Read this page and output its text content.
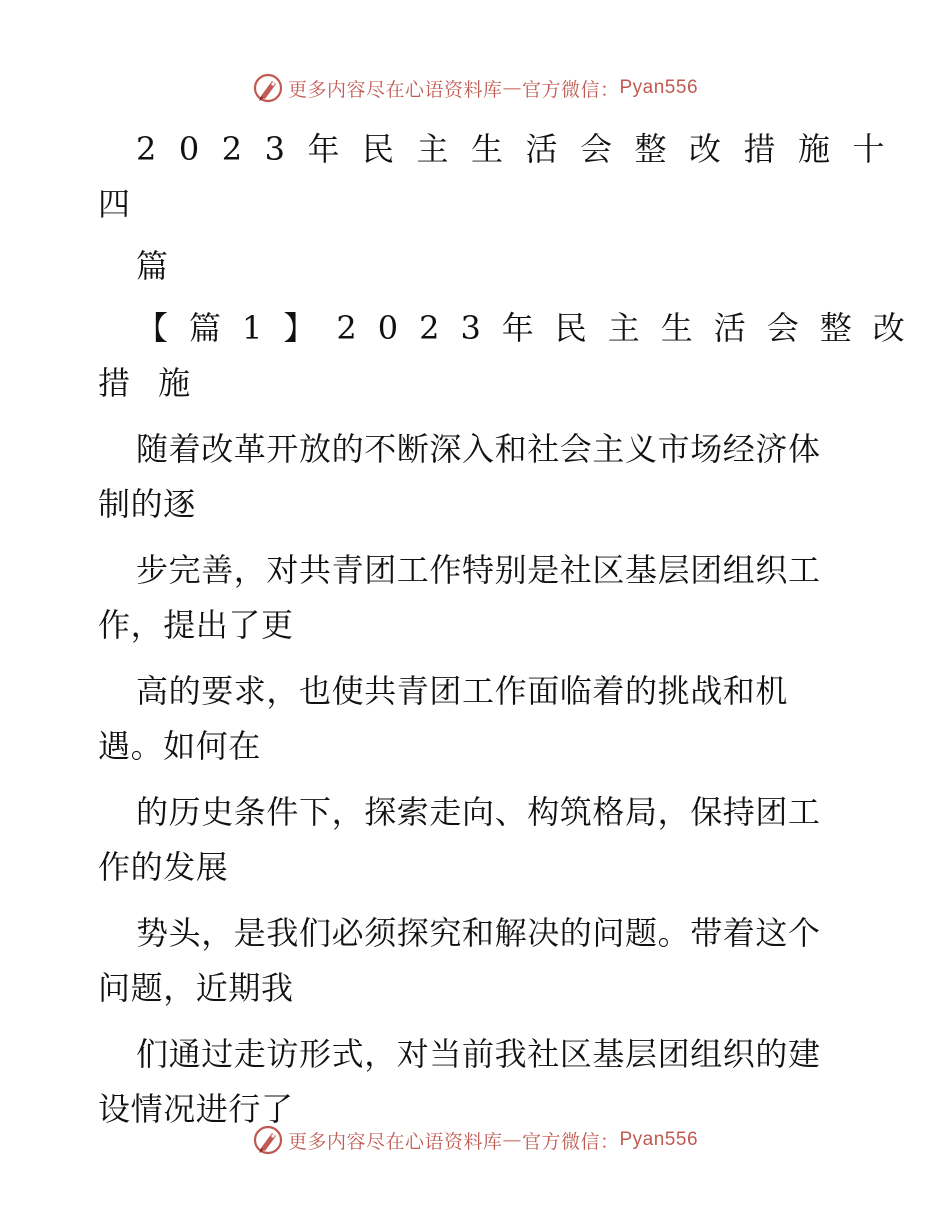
更多内容尽在心语资料库 — 官方微信： Pyan556
2023年民主生活会整改措施十
四
篇
【篇1】2023年民主生活会整改
措 施
随着改革开放的不断深入和社会主义市场经济体
制的逐
步完善，对共青团工作特别是社区基层团组织工
作，提出了更
高的要求，也使共青团工作面临着的挑战和机
遇。如何在
的历史条件下，探索走向、构筑格局，保持团工
作的发展
势头，是我们必须探究和解决的问题。带着这个
问题，近期我
们通过走访形式，对当前我社区基层团组织的建
设情况进行了
更多内容尽在心语资料库 — 官方微信： Pyan556
